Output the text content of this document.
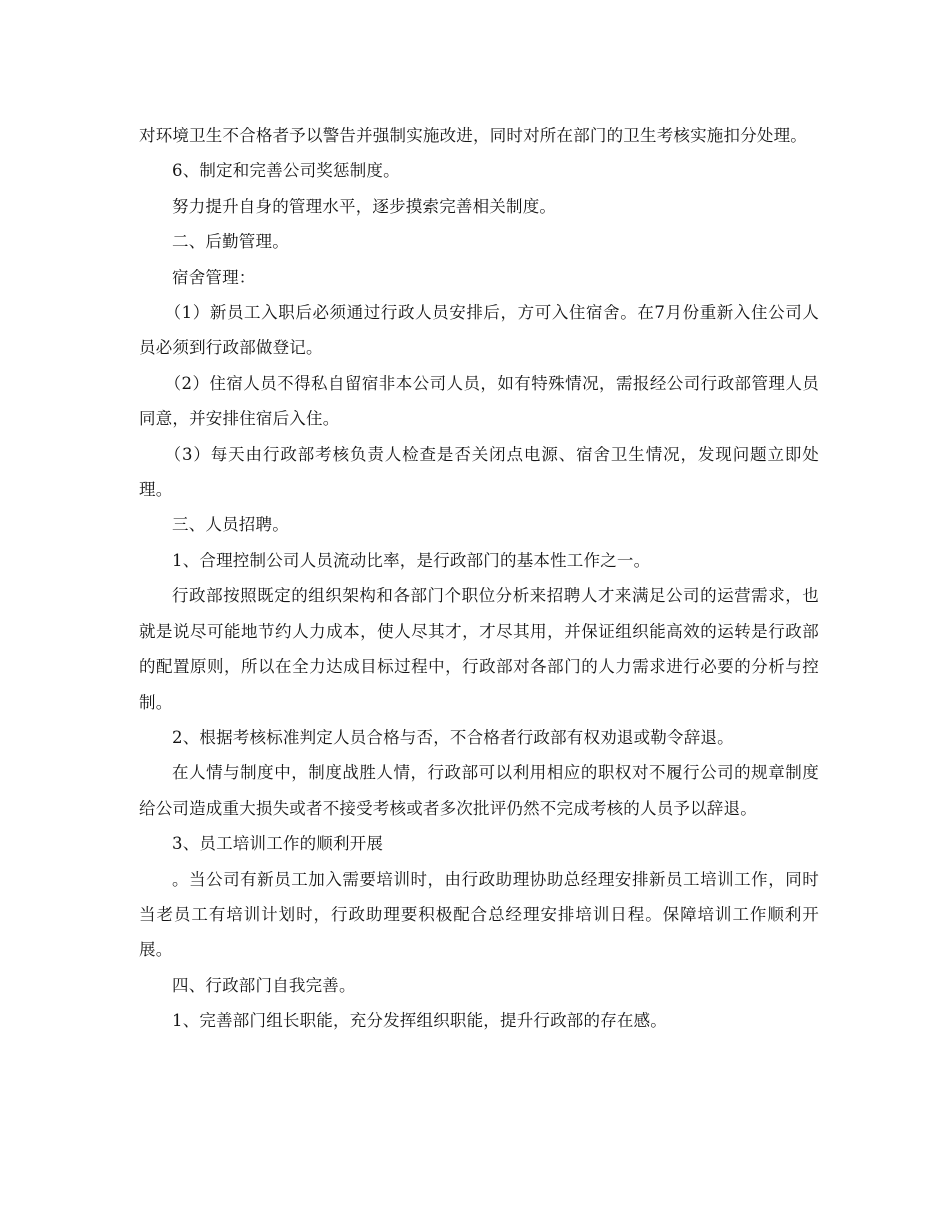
对环境卫生不合格者予以警告并强制实施改进，同时对所在部门的卫生考核实施扣分处理。

6、制定和完善公司奖惩制度。

努力提升自身的管理水平，逐步摸索完善相关制度。

二、后勤管理。

宿舍管理：

（1）新员工入职后必须通过行政人员安排后，方可入住宿舍。在7月份重新入住公司人员必须到行政部做登记。

（2）住宿人员不得私自留宿非本公司人员，如有特殊情况，需报经公司行政部管理人员同意，并安排住宿后入住。

（3）每天由行政部考核负责人检查是否关闭点电源、宿舍卫生情况，发现问题立即处理。

三、人员招聘。

1、合理控制公司人员流动比率，是行政部门的基本性工作之一。

行政部按照既定的组织架构和各部门个职位分析来招聘人才来满足公司的运营需求，也就是说尽可能地节约人力成本，使人尽其才，才尽其用，并保证组织能高效的运转是行政部的配置原则，所以在全力达成目标过程中，行政部对各部门的人力需求进行必要的分析与控制。

2、根据考核标准判定人员合格与否，不合格者行政部有权劝退或勒令辞退。

在人情与制度中，制度战胜人情，行政部可以利用相应的职权对不履行公司的规章制度给公司造成重大损失或者不接受考核或者多次批评仍然不完成考核的人员予以辞退。

3、员工培训工作的顺利开展

。当公司有新员工加入需要培训时，由行政助理协助总经理安排新员工培训工作，同时当老员工有培训计划时，行政助理要积极配合总经理安排培训日程。保障培训工作顺利开展。

四、行政部门自我完善。

1、完善部门组长职能，充分发挥组织职能，提升行政部的存在感。
